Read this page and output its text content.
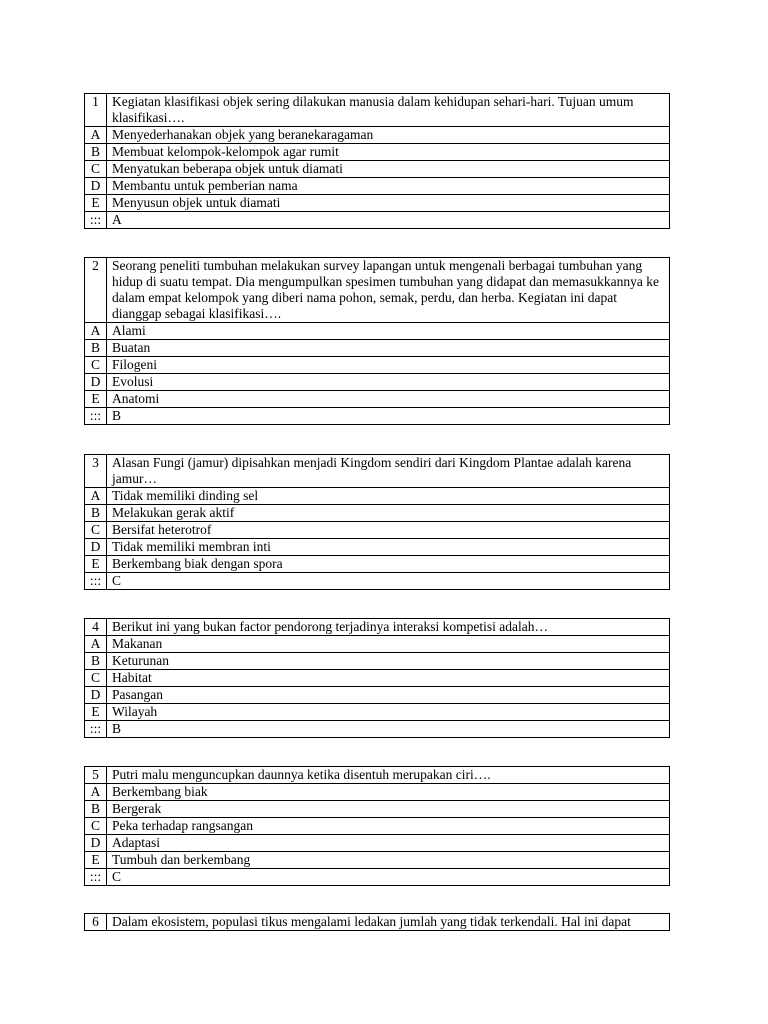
1	Kegiatan klasifikasi objek sering dilakukan manusia dalam kehidupan sehari-hari. Tujuan umum klasifikasi….
A	Menyederhanakan objek yang beranekaragaman
B	Membuat kelompok-kelompok agar rumit
C	Menyatukan beberapa objek untuk diamati
D	Membantu untuk pemberian nama
E	Menyusun objek untuk diamati
:::	A
2	Seorang peneliti tumbuhan melakukan survey lapangan untuk mengenali berbagai tumbuhan yang hidup di suatu tempat. Dia mengumpulkan spesimen tumbuhan yang didapat dan memasukkannya ke dalam empat kelompok yang diberi nama pohon, semak, perdu, dan herba. Kegiatan ini dapat dianggap sebagai klasifikasi….
A	Alami
B	Buatan
C	Filogeni
D	Evolusi
E	Anatomi
:::	B
3	Alasan Fungi (jamur) dipisahkan menjadi Kingdom sendiri dari Kingdom Plantae adalah karena jamur…
A	Tidak memiliki dinding sel
B	Melakukan gerak aktif
C	Bersifat heterotrof
D	Tidak memiliki membran inti
E	Berkembang biak dengan spora
:::	C
4	Berikut ini yang bukan factor pendorong terjadinya interaksi kompetisi adalah…
A	Makanan
B	Keturunan
C	Habitat
D	Pasangan
E	Wilayah
:::	B
5	Putri malu menguncupkan daunnya ketika disentuh merupakan ciri….
A	Berkembang biak
B	Bergerak
C	Peka terhadap rangsangan
D	Adaptasi
E	Tumbuh dan berkembang
:::	C
6	Dalam ekosistem, populasi tikus mengalami ledakan jumlah yang tidak terkendali. Hal ini dapat
